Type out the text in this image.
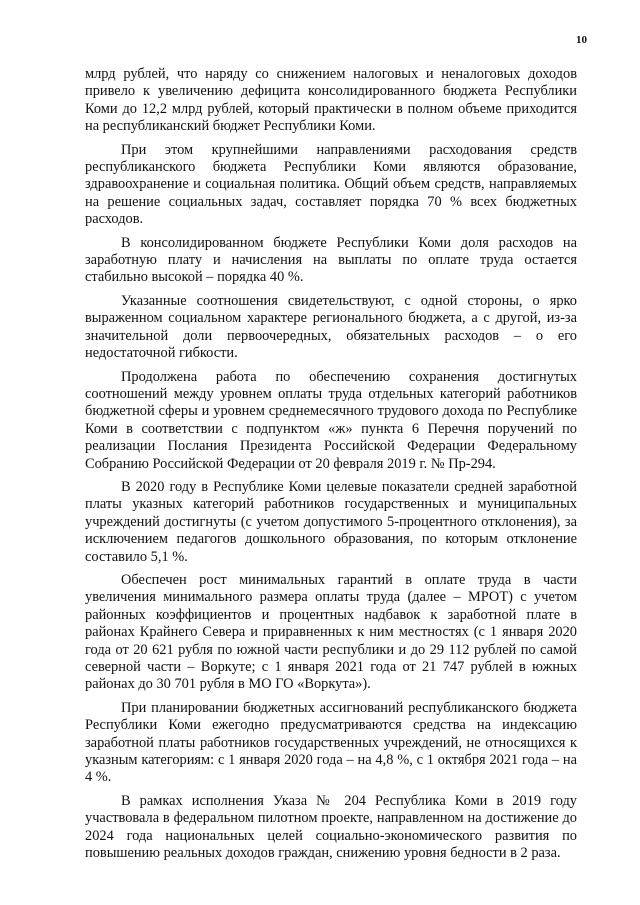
10

млрд рублей, что наряду со снижением налоговых и неналоговых доходов привело к увеличению дефицита консолидированного бюджета Республики Коми до 12,2 млрд рублей, который практически в полном объеме приходится на республиканский бюджет Республики Коми.

При этом крупнейшими направлениями расходования средств республиканского бюджета Республики Коми являются образование, здравоохранение и социальная политика. Общий объем средств, направляемых на решение социальных задач, составляет порядка 70 % всех бюджетных расходов.

В консолидированном бюджете Республики Коми доля расходов на заработную плату и начисления на выплаты по оплате труда остается стабильно высокой – порядка 40 %.

Указанные соотношения свидетельствуют, с одной стороны, о ярко выраженном социальном характере регионального бюджета, а с другой, из-за значительной доли первоочередных, обязательных расходов – о его недостаточной гибкости.

Продолжена работа по обеспечению сохранения достигнутых соотношений между уровнем оплаты труда отдельных категорий работников бюджетной сферы и уровнем среднемесячного трудового дохода по Республике Коми в соответствии с подпунктом «ж» пункта 6 Перечня поручений по реализации Послания Президента Российской Федерации Федеральному Собранию Российской Федерации от 20 февраля 2019 г. № Пр-294.

В 2020 году в Республике Коми целевые показатели средней заработной платы указных категорий работников государственных и муниципальных учреждений достигнуты (с учетом допустимого 5-процентного отклонения), за исключением педагогов дошкольного образования, по которым отклонение составило 5,1 %.

Обеспечен рост минимальных гарантий в оплате труда в части увеличения минимального размера оплаты труда (далее – МРОТ) с учетом районных коэффициентов и процентных надбавок к заработной плате в районах Крайнего Севера и приравненных к ним местностях (с 1 января 2020 года от 20 621 рубля по южной части республики и до 29 112 рублей по самой северной части – Воркуте; с 1 января 2021 года от 21 747 рублей в южных районах до 30 701 рубля в МО ГО «Воркута»).

При планировании бюджетных ассигнований республиканского бюджета Республики Коми ежегодно предусматриваются средства на индексацию заработной платы работников государственных учреждений, не относящихся к указным категориям: с 1 января 2020 года – на 4,8 %, с 1 октября 2021 года – на 4 %.

В рамках исполнения Указа № 204 Республика Коми в 2019 году участвовала в федеральном пилотном проекте, направленном на достижение до 2024 года национальных целей социально-экономического развития по повышению реальных доходов граждан, снижению уровня бедности в 2 раза.
